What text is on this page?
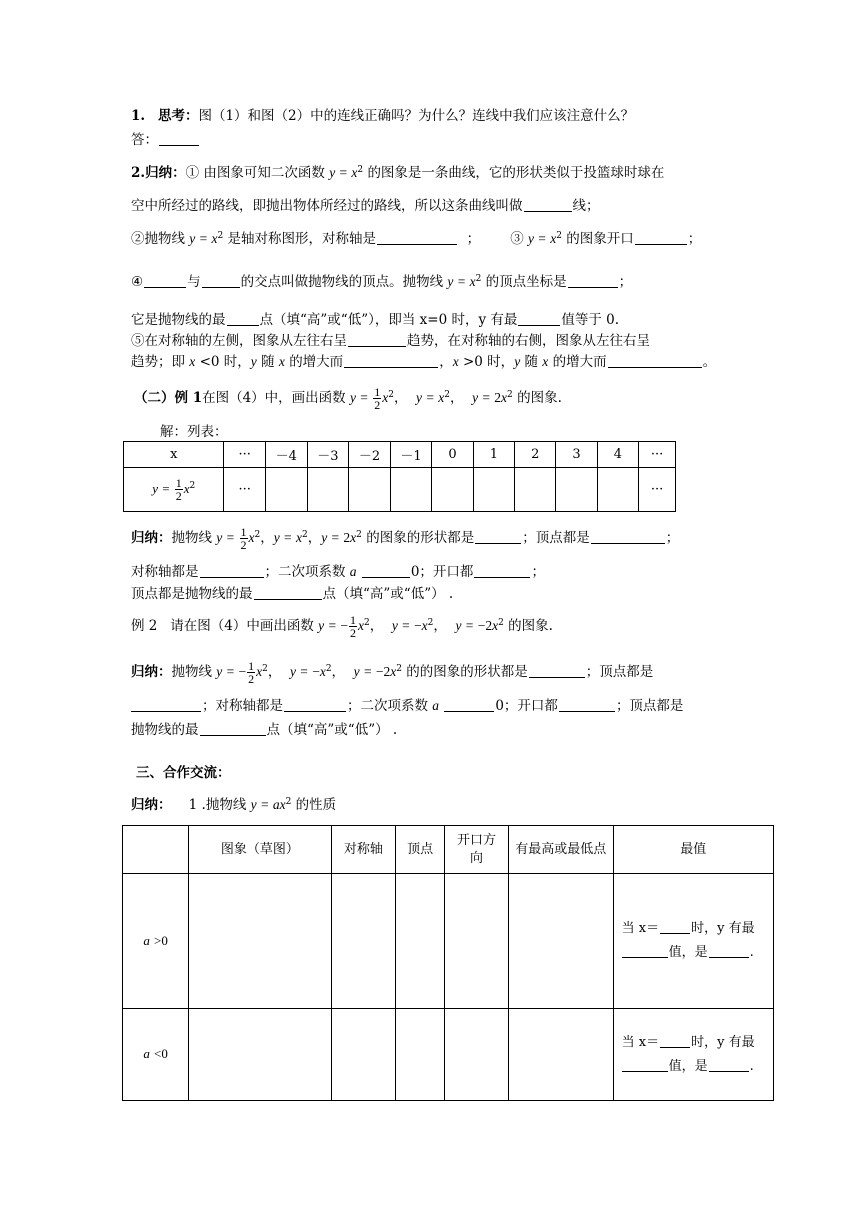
1. 思考：图（1）和图（2）中的连线正确吗？为什么？连线中我们应该注意什么？
答：
2.归纳：① 由图象可知二次函数 $y = x^2$ 的图象是一条曲线，它的形状类似于投篮球时球在
空中所经过的路线，即抛出物体所经过的路线，所以这条曲线叫做	线；
②抛物线 $y = x^2$ 是轴对称图形，对称轴是	； ③ $y = x^2$ 的图象开口	；
④	与	的交点叫做抛物线的顶点。抛物线 $y = x^2$ 的顶点坐标是	；
它是抛物线的最	点（填“高”或“低”），即当 x=0 时，y 有最	值等于 0.
⑤在对称轴的左侧，图象从左往右呈	趋势，在对称轴的右侧，图象从左往右呈
趋势；即 x <0 时，y 随 x 的增大而	，x >0 时，y 随 x 的增大而	。
（二）例 1在图（4）中，画出函数 $y = \frac{1}{2} x^2$， $y = x^2$， $y = 2x^2$ 的图象.
解：列表：
x	···	－4	－3	－2	－1	0	1	2	3	4	···
$y = \frac{1}{2} x^2$	···										···
归纳：抛物线 $y = \frac{1}{2} x^2$，$y = x^2$，$y = 2x^2$ 的图象的形状都是	；顶点都是	；
对称轴都是	；二次项系数 a	0；开口都	；
顶点都是抛物线的最	点（填“高”或“低”） .
例 2 请在图（4）中画出函数 y = − $\frac{1}{2} x^2$， $y = -x^2$， $y = -2x^2$ 的图象.
归纳：抛物线 y = − $\frac{1}{2} x^2$， $y = -x^2$， $y = -2x^2$ 的的图象的形状都是	；顶点都是
；对称轴都是	；二次项系数 a	0；开口都	；顶点都是
抛物线的最	点（填“高”或“低”） .
三、合作交流：
归纳： 1 .抛物线 $y = ax^2$ 的性质
	图象（草图）	对称轴	顶点	开口方向	有最高或最低点	最值
a >0						当 x＝ 时，y 有最
值，是 .
a <0						当 x＝ 时，y 有最
值，是 .
